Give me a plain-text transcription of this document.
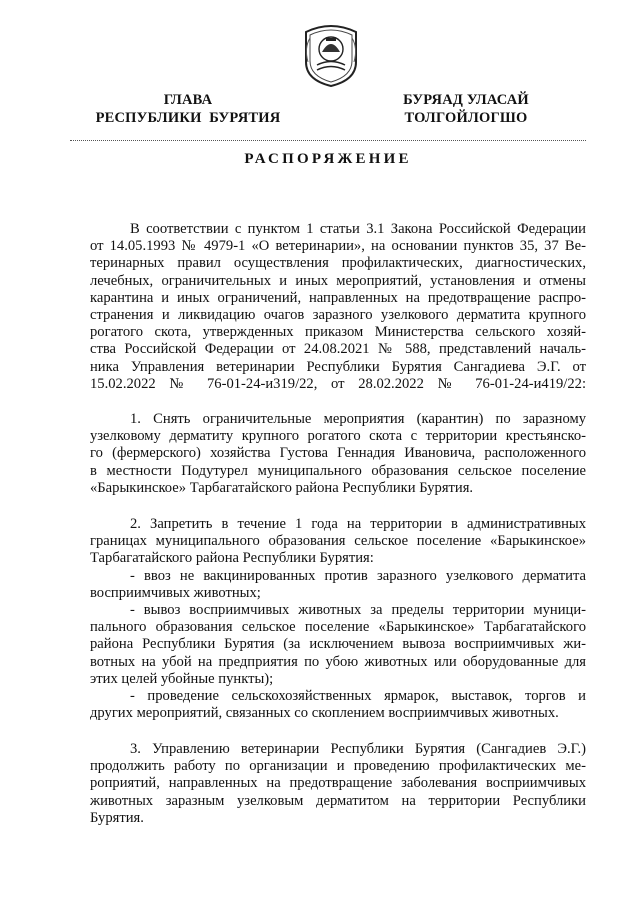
ГЛАВА
РЕСПУБЛИКИ  БУРЯТИЯ
БУРЯАД УЛАСАЙ
ТОЛГОЙЛОГШО
РАСПОРЯЖЕНИЕ
В соответствии с пунктом 1 статьи 3.1 Закона Российской Федерации
от 14.05.1993 № 4979-1 «О ветеринарии», на основании пунктов 35, 37 Ве-
теринарных правил осуществления профилактических, диагностических,
лечебных, ограничительных и иных мероприятий, установления и отмены
карантина и иных ограничений, направленных на предотвращение распро-
странения и ликвидацию очагов заразного узелкового дерматита крупного
рогатого скота, утвержденных приказом Министерства сельского хозяй-
ства Российской Федерации от 24.08.2021 № 588, представлений началь-
ника Управления ветеринарии Республики Бурятия Сангадиева Э.Г. от
15.02.2022 № 76-01-24-и319/22, от 28.02.2022 № 76-01-24-и419/22:
1. Снять ограничительные мероприятия (карантин) по заразному
узелковому дерматиту крупного рогатого скота с территории крестьянско-
го (фермерского) хозяйства Густова Геннадия Ивановича, расположенного
в местности Подутурел муниципального образования сельское поселение
«Барыкинское» Тарбагатайского района Республики Бурятия.
2. Запретить в течение 1 года на территории в административных
границах муниципального образования сельское поселение «Барыкинское»
Тарбагатайского района Республики Бурятия:
- ввоз не вакцинированных против заразного узелкового дерматита
восприимчивых животных;
- вывоз восприимчивых животных за пределы территории муници-
пального образования сельское поселение «Барыкинское» Тарбагатайского
района Республики Бурятия (за исключением вывоза восприимчивых жи-
вотных на убой на предприятия по убою животных или оборудованные для
этих целей убойные пункты);
- проведение сельскохозяйственных ярмарок, выставок, торгов и
других мероприятий, связанных со скоплением восприимчивых животных.
3. Управлению ветеринарии Республики Бурятия (Сангадиев Э.Г.)
продолжить работу по организации и проведению профилактических ме-
роприятий, направленных на предотвращение заболевания восприимчивых
животных заразным узелковым дерматитом на территории Республики
Бурятия.
